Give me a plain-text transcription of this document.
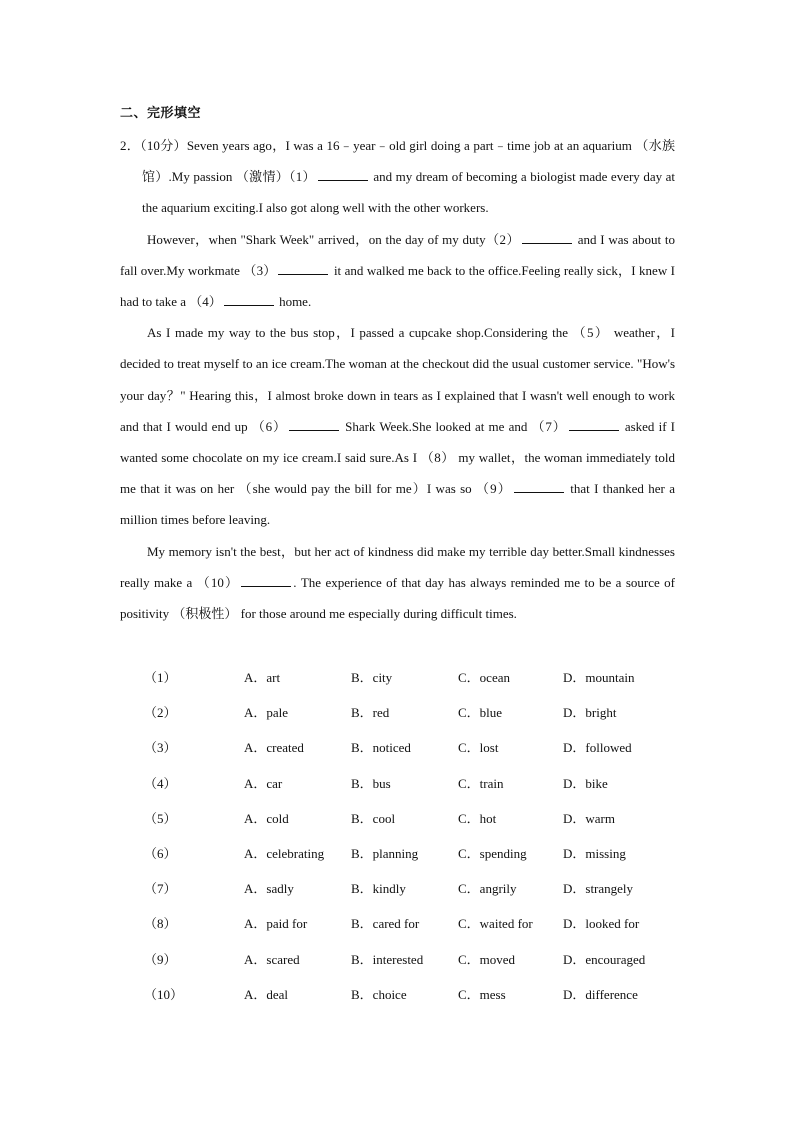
二、完形填空

2．（10分）Seven years ago，I was a 16﹣year﹣old girl doing a part﹣time job at an aquarium （水族馆）.My passion （激情）（1）	and my dream of becoming a biologist made every day at the aquarium exciting.I also got along well with the other workers.

However，when "Shark Week" arrived，on the day of my duty（2）	and I was about to fall over.My workmate （3）	it and walked me back to the office.Feeling really sick，I knew I had to take a （4）	home.

As I made my way to the bus stop，I passed a cupcake shop.Considering the （5） weather，I decided to treat myself to an ice cream.The woman at the checkout did the usual customer service. "How's your day？" Hearing this，I almost broke down in tears as I explained that I wasn't well enough to work and that I would end up （6）	Shark Week.She looked at me and （7）	asked if I wanted some chocolate on my ice cream.I said sure.As I （8） my wallet，the woman immediately told me that it was on her （she would pay the bill for me）I was so （9）	that I thanked her a million times before leaving.

My memory isn't the best，but her act of kindness did make my terrible day better.Small kindnesses really make a （10）	. The experience of that day has always reminded me to be a source of positivity （积极性） for those around me especially during difficult times.

（1）	A．art	B．city	C．ocean	D．mountain
（2）	A．pale	B．red	C．blue	D．bright
（3）	A．created	B．noticed	C．lost	D．followed
（4）	A．car	B．bus	C．train	D．bike
（5）	A．cold	B．cool	C．hot	D．warm
（6）	A．celebrating B．planning	C．spending	D．missing
（7）	A．sadly	B．kindly	C．angrily	D．strangely
（8）	A．paid for	B．cared for	C．waited for D．looked for
（9）	A．scared	B．interested	C．moved	D．encouraged
（10）	A．deal	B．choice	C．mess	D．difference
